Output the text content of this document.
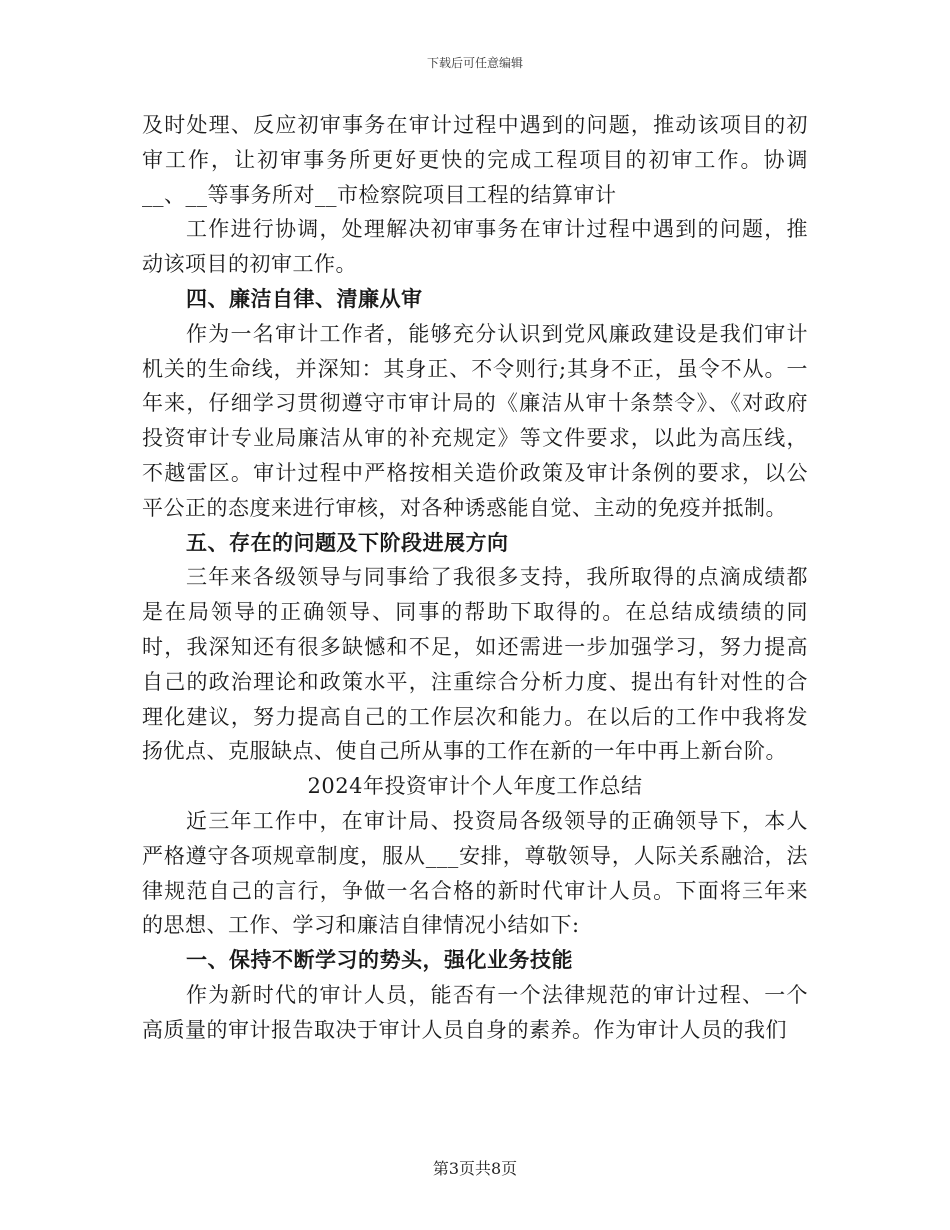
下载后可任意编辑

及时处理、反应初审事务在审计过程中遇到的问题，推动该项目的初审工作，让初审事务所更好更快的完成工程项目的初审工作。协调__、__等事务所对__市检察院项目工程的结算审计

工作进行协调，处理解决初审事务在审计过程中遇到的问题，推动该项目的初审工作。

四、廉洁自律、清廉从审

作为一名审计工作者，能够充分认识到党风廉政建设是我们审计机关的生命线，并深知：其身正、不令则行;其身不正，虽令不从。一年来，仔细学习贯彻遵守市审计局的《廉洁从审十条禁令》、《对政府投资审计专业局廉洁从审的补充规定》等文件要求，以此为高压线，不越雷区。审计过程中严格按相关造价政策及审计条例的要求，以公平公正的态度来进行审核，对各种诱惑能自觉、主动的免疫并抵制。

五、存在的问题及下阶段进展方向

三年来各级领导与同事给了我很多支持，我所取得的点滴成绩都是在局领导的正确领导、同事的帮助下取得的。在总结成绩绩的同时，我深知还有很多缺憾和不足，如还需进一步加强学习，努力提高自己的政治理论和政策水平，注重综合分析力度、提出有针对性的合理化建议，努力提高自己的工作层次和能力。在以后的工作中我将发扬优点、克服缺点、使自己所从事的工作在新的一年中再上新台阶。

2024年投资审计个人年度工作总结

近三年工作中，在审计局、投资局各级领导的正确领导下，本人严格遵守各项规章制度，服从___安排，尊敬领导，人际关系融洽，法律规范自己的言行，争做一名合格的新时代审计人员。下面将三年来的思想、工作、学习和廉洁自律情况小结如下:

一、保持不断学习的势头，强化业务技能

作为新时代的审计人员，能否有一个法律规范的审计过程、一个高质量的审计报告取决于审计人员自身的素养。作为审计人员的我们

第3页共8页
